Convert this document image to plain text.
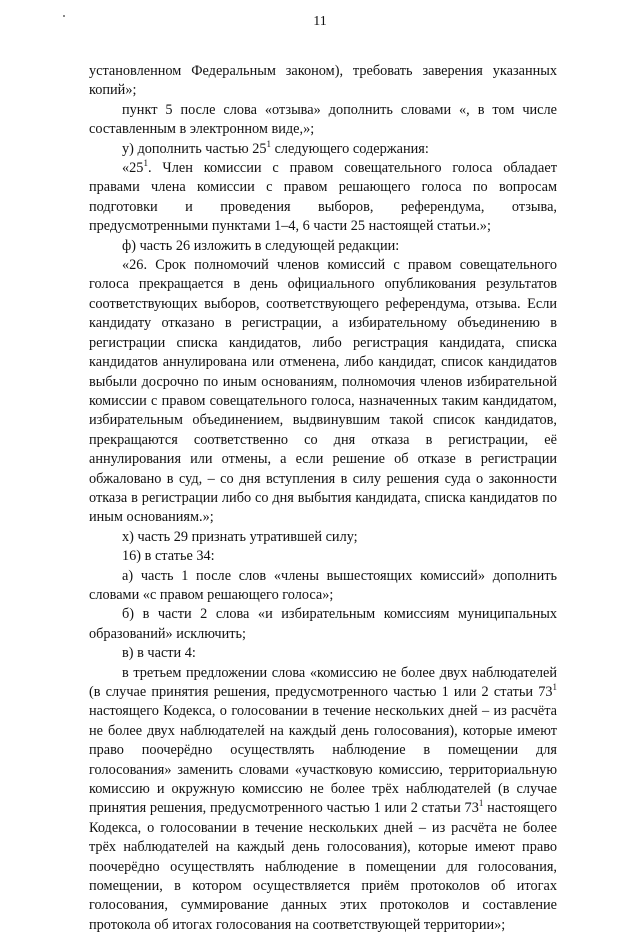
11

установленном Федеральным законом), требовать заверения указанных копий»;

пункт 5 после слова «отзыва» дополнить словами «, в том числе составленным в электронном виде,»;

у) дополнить частью $25^1$ следующего содержания:

«$25^1$. Член комиссии с правом совещательного голоса обладает правами члена комиссии с правом решающего голоса по вопросам подготовки и проведения выборов, референдума, отзыва, предусмотренными пунктами 1–4, 6 части 25 настоящей статьи.»;

ф) часть 26 изложить в следующей редакции:

«26. Срок полномочий членов комиссий с правом совещательного голоса прекращается в день официального опубликования результатов соответствующих выборов, соответствующего референдума, отзыва. Если кандидату отказано в регистрации, а избирательному объединению в регистрации списка кандидатов, либо регистрация кандидата, списка кандидатов аннулирована или отменена, либо кандидат, список кандидатов выбыли досрочно по иным основаниям, полномочия членов избирательной комиссии с правом совещательного голоса, назначенных таким кандидатом, избирательным объединением, выдвинувшим такой список кандидатов, прекращаются соответственно со дня отказа в регистрации, её аннулирования или отмены, а если решение об отказе в регистрации обжаловано в суд, – со дня вступления в силу решения суда о законности отказа в регистрации либо со дня выбытия кандидата, списка кандидатов по иным основаниям.»;

х) часть 29 признать утратившей силу;

16) в статье 34:

а) часть 1 после слов «члены вышестоящих комиссий» дополнить словами «с правом решающего голоса»;

б) в части 2 слова «и избирательным комиссиям муниципальных образований» исключить;

в) в части 4:

в третьем предложении слова «комиссию не более двух наблюдателей (в случае принятия решения, предусмотренного частью 1 или 2 статьи $73^1$ настоящего Кодекса, о голосовании в течение нескольких дней – из расчёта не более двух наблюдателей на каждый день голосования), которые имеют право поочерёдно осуществлять наблюдение в помещении для голосования» заменить словами «участковую комиссию, территориальную комиссию и окружную комиссию не более трёх наблюдателей (в случае принятия решения, предусмотренного частью 1 или 2 статьи $73^1$ настоящего Кодекса, о голосовании в течение нескольких дней – из расчёта не более трёх наблюдателей на каждый день голосования), которые имеют право поочерёдно осуществлять наблюдение в помещении для голосования, помещении, в котором осуществляется приём протоколов об итогах голосования, суммирование данных этих протоколов и составление протокола об итогах голосования на соответствующей территории»;
